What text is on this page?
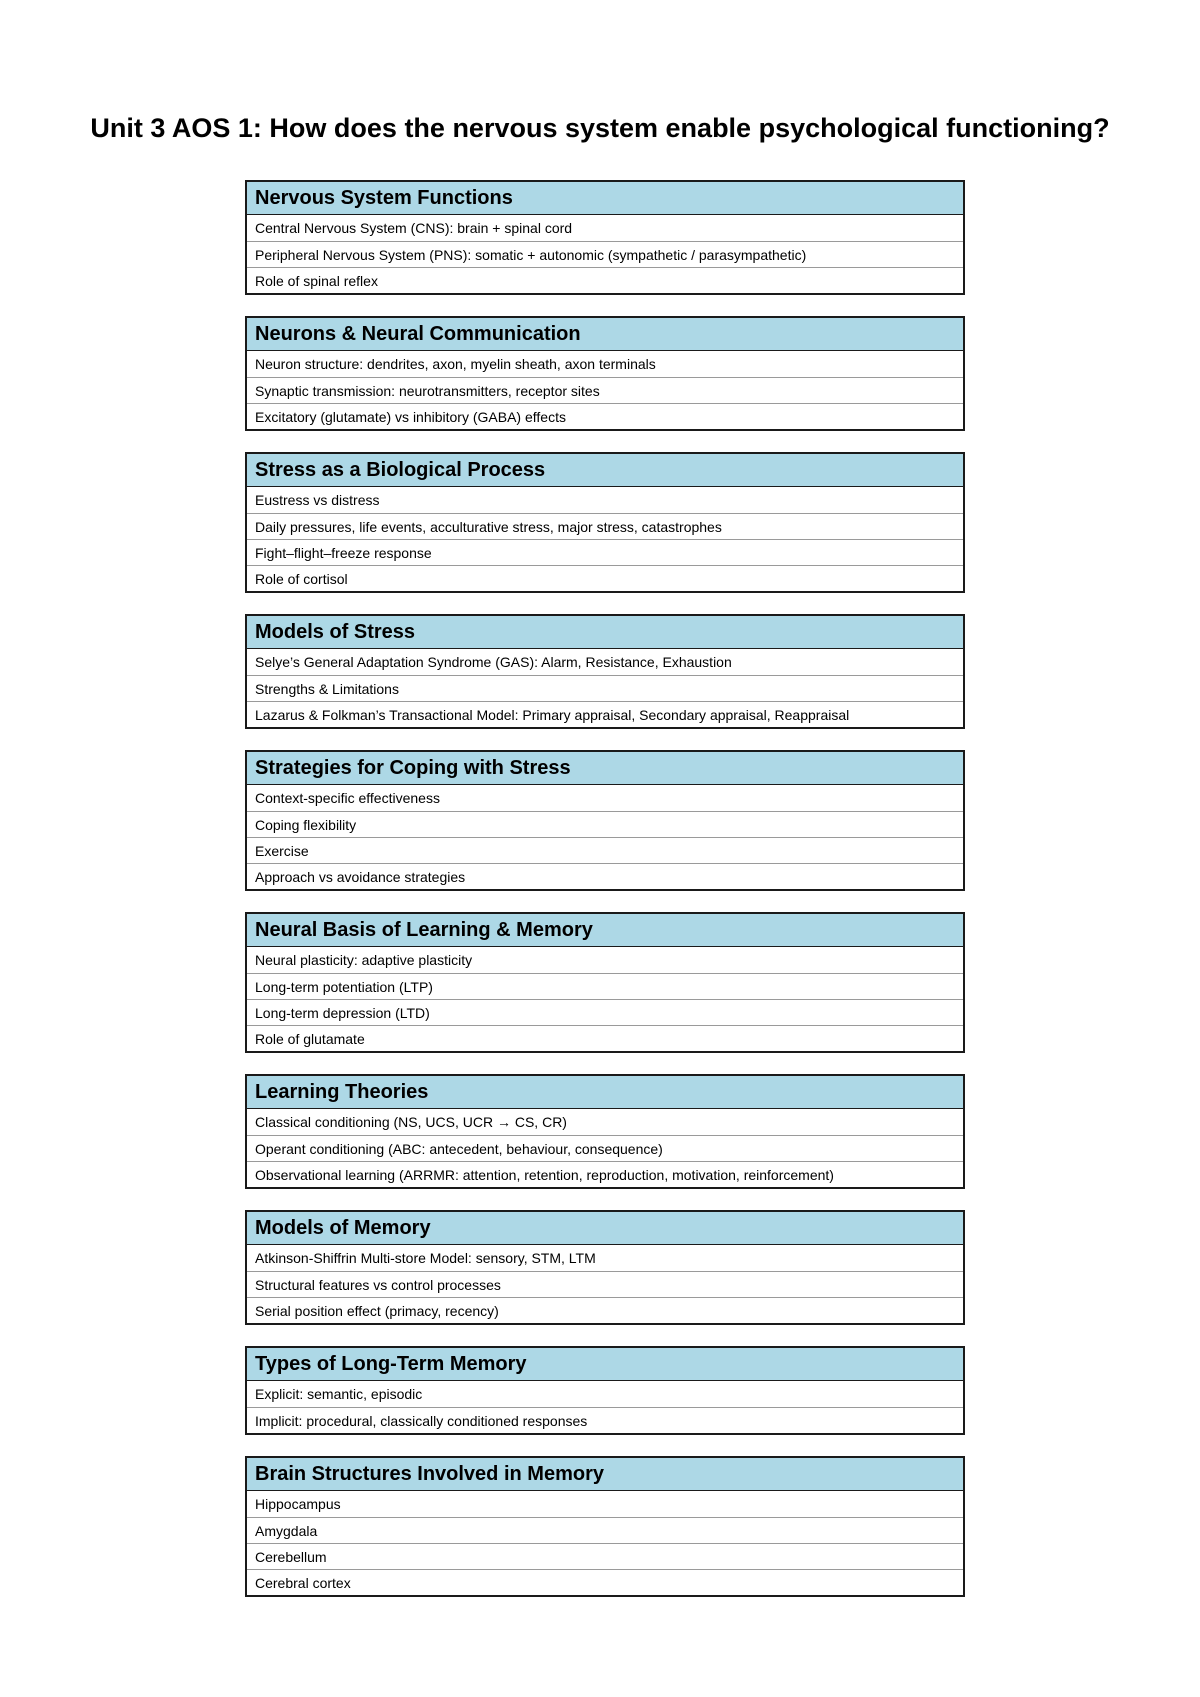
Unit 3 AOS 1: How does the nervous system enable psychological functioning?
Nervous System Functions
Central Nervous System (CNS): brain + spinal cord
Peripheral Nervous System (PNS): somatic + autonomic (sympathetic / parasympathetic)
Role of spinal reflex
Neurons & Neural Communication
Neuron structure: dendrites, axon, myelin sheath, axon terminals
Synaptic transmission: neurotransmitters, receptor sites
Excitatory (glutamate) vs inhibitory (GABA) effects
Stress as a Biological Process
Eustress vs distress
Daily pressures, life events, acculturative stress, major stress, catastrophes
Fight–flight–freeze response
Role of cortisol
Models of Stress
Selye’s General Adaptation Syndrome (GAS): Alarm, Resistance, Exhaustion
Strengths & Limitations
Lazarus & Folkman’s Transactional Model: Primary appraisal, Secondary appraisal, Reappraisal
Strategies for Coping with Stress
Context-specific effectiveness
Coping flexibility
Exercise
Approach vs avoidance strategies
Neural Basis of Learning & Memory
Neural plasticity: adaptive plasticity
Long-term potentiation (LTP)
Long-term depression (LTD)
Role of glutamate
Learning Theories
Classical conditioning (NS, UCS, UCR → CS, CR)
Operant conditioning (ABC: antecedent, behaviour, consequence)
Observational learning (ARRMR: attention, retention, reproduction, motivation, reinforcement)
Models of Memory
Atkinson-Shiffrin Multi-store Model: sensory, STM, LTM
Structural features vs control processes
Serial position effect (primacy, recency)
Types of Long-Term Memory
Explicit: semantic, episodic
Implicit: procedural, classically conditioned responses
Brain Structures Involved in Memory
Hippocampus
Amygdala
Cerebellum
Cerebral cortex
